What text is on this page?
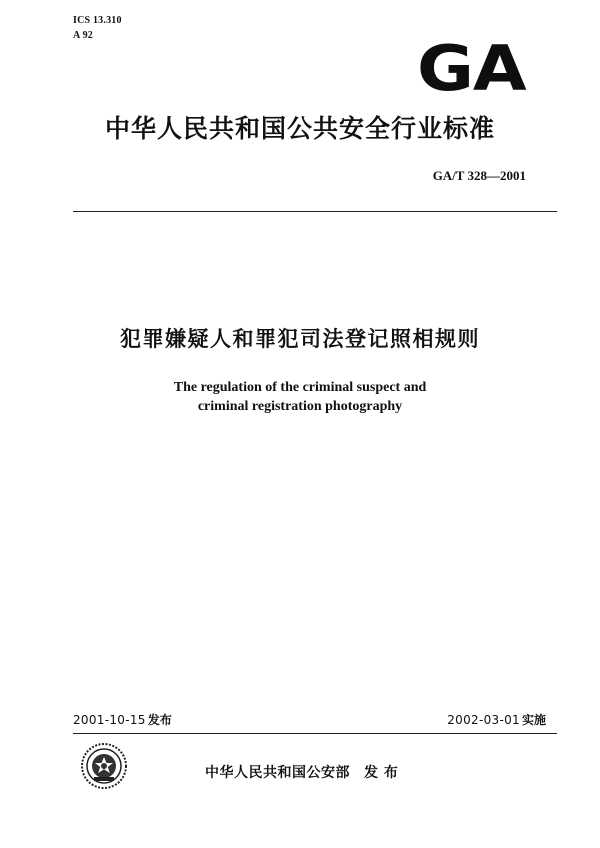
ICS 13.310
A 92	GA
中华人民共和国公共安全行业标准
GA/T 328—2001
犯罪嫌疑人和罪犯司法登记照相规则
The regulation of the criminal suspect and
criminal registration photography
2001-10-15 发布	2002-03-01 实施
中华人民共和国公安部 发 布
